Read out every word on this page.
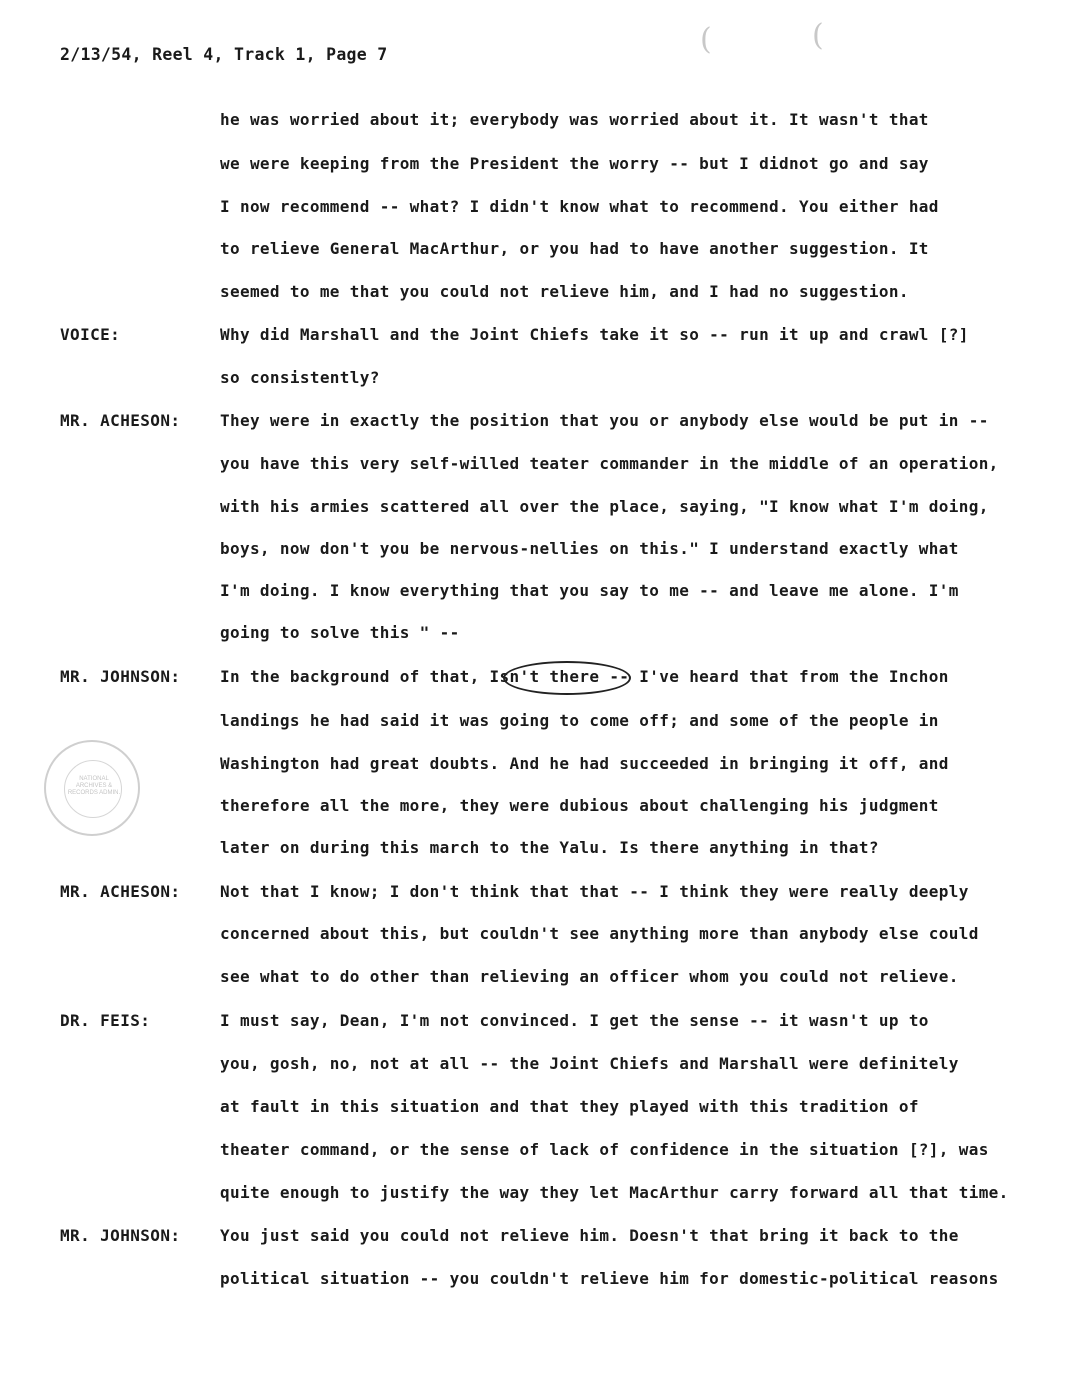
(	(
2/13/54, Reel 4, Track 1, Page 7
he was worried about it; everybody was worried about it. It wasn't that
we were keeping from the President the worry -- but I didnot go and say
I now recommend -- what? I didn't know what to recommend. You either had
to relieve General MacArthur, or you had to have another suggestion. It
seemed to me that you could not relieve him, and I had no suggestion.
VOICE:	Why did Marshall and the Joint Chiefs take it so -- run it up and crawl [?]
so consistently?
MR. ACHESON: They were in exactly the position that you or anybody else would be put in --
you have this very self-willed teater commander in the middle of an operation,
with his armies scattered all over the place, saying, "I know what I'm doing,
boys, now don't you be nervous-nellies on this." I understand exactly what
I'm doing. I know everything that you say to me -- and leave me alone. I'm
going to solve this " --
MR. JOHNSON: In the background of that, Isn't there -- I've heard that from the Inchon
landings he had said it was going to come off; and some of the people in
Washington had great doubts. And he had succeeded in bringing it off, and
therefore all the more, they were dubious about challenging his judgment
later on during this march to the Yalu. Is there anything in that?
NATIONAL ARCHIVES & RECORDS ADMIN.
MR. ACHESON: Not that I know; I don't think that that -- I think they were really deeply
concerned about this, but couldn't see anything more than anybody else could
see what to do other than relieving an officer whom you could not relieve.
DR. FEIS:	I must say, Dean, I'm not convinced. I get the sense -- it wasn't up to
you, gosh, no, not at all -- the Joint Chiefs and Marshall were definitely
at fault in this situation and that they played with this tradition of
theater command, or the sense of lack of confidence in the situation [?], was
quite enough to justify the way they let MacArthur carry forward all that time.
MR. JOHNSON: You just said you could not relieve him. Doesn't that bring it back to the
political situation -- you couldn't relieve him for domestic-political reasons
